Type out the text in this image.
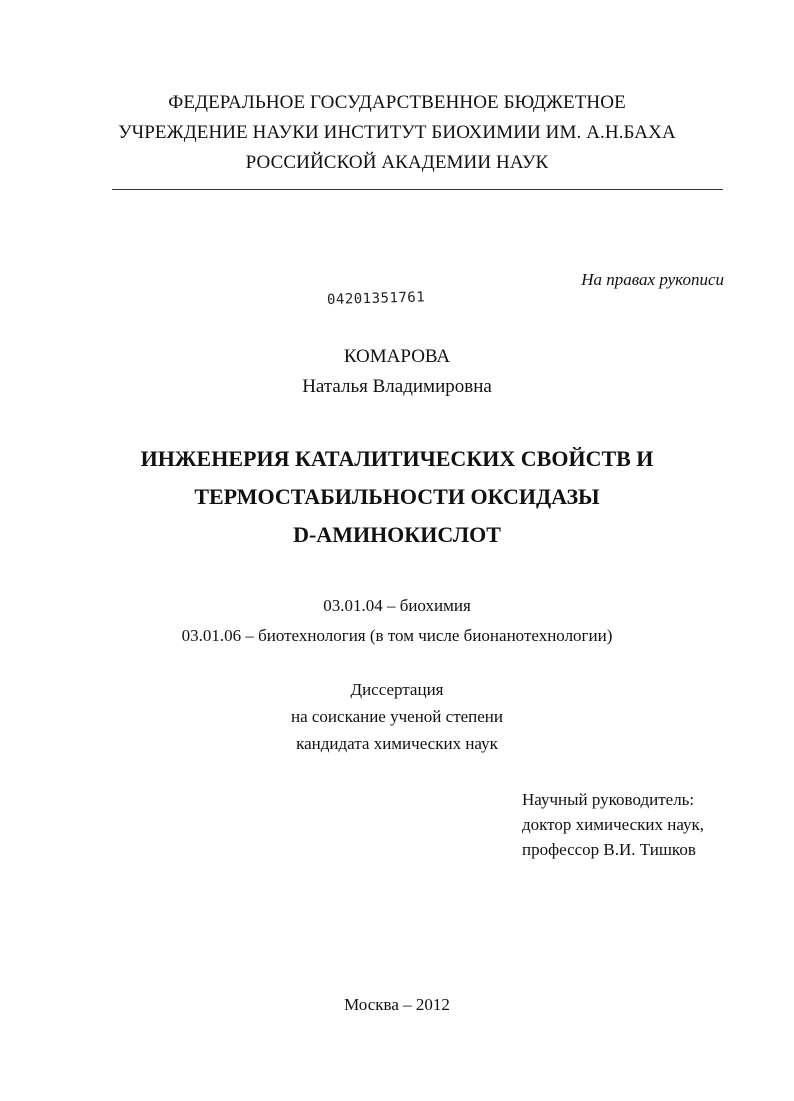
ФЕДЕРАЛЬНОЕ ГОСУДАРСТВЕННОЕ БЮДЖЕТНОЕ
УЧРЕЖДЕНИЕ НАУКИ ИНСТИТУТ БИОХИМИИ ИМ. А.Н.БАХА
РОССИЙСКОЙ АКАДЕМИИ НАУК
На правах рукописи
04201351761
КОМАРОВА
Наталья Владимировна
ИНЖЕНЕРИЯ КАТАЛИТИЧЕСКИХ СВОЙСТВ И
ТЕРМОСТАБИЛЬНОСТИ ОКСИДАЗЫ
D-АМИНОКИСЛОТ
03.01.04 – биохимия
03.01.06 – биотехнология (в том числе бионанотехнологии)
Диссертация
на соискание ученой степени
кандидата химических наук
Научный руководитель:
доктор химических наук,
профессор В.И. Тишков
Москва – 2012
